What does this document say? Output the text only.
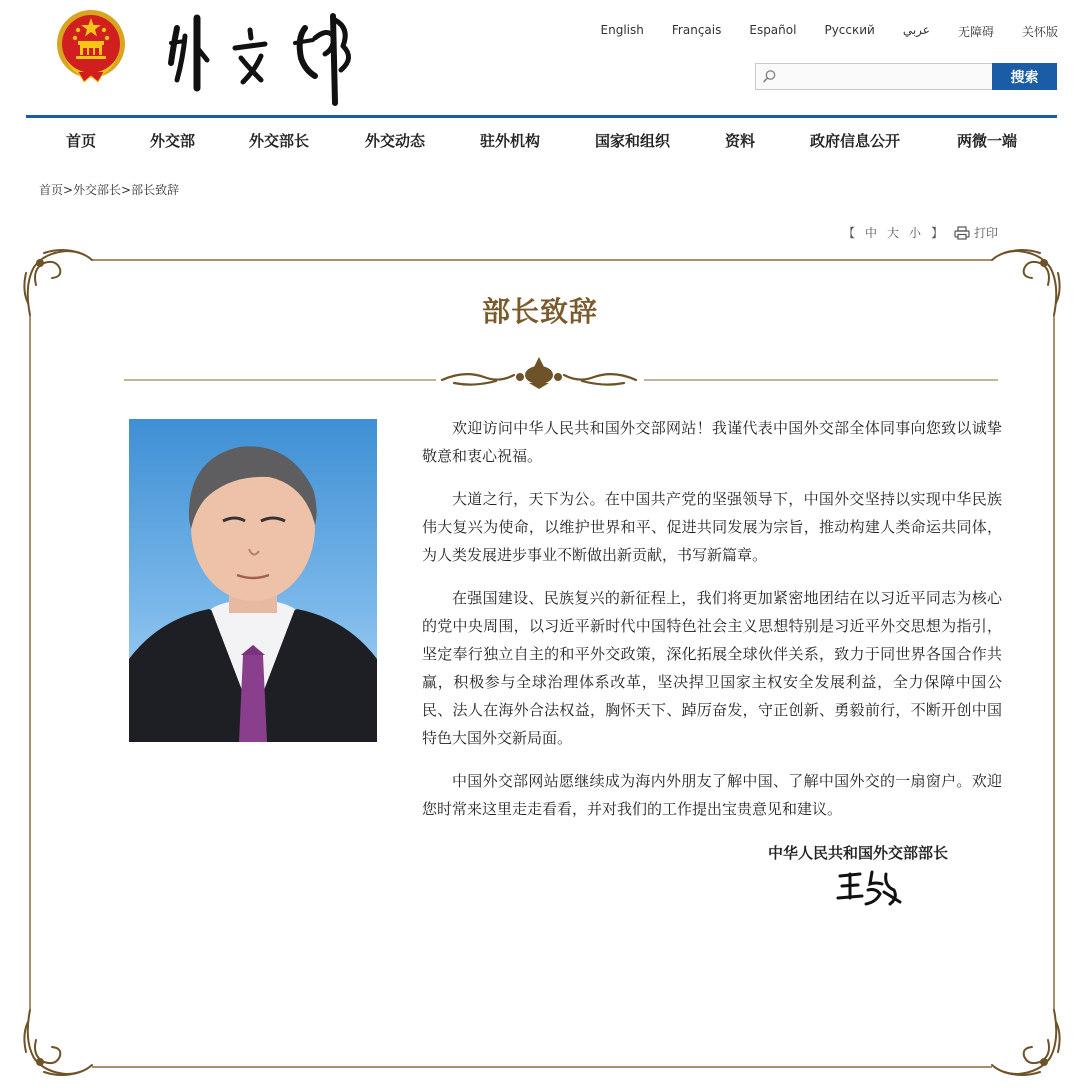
English Français Español Русский عربي 无障碍 关怀版
搜索
首页	外交部	外交部长	外交动态	驻外机构	国家和组织	资料	政府信息公开	两微一端
首页>外交部长>部长致辞
【 中 大 小 】	打印
部长致辞

欢迎访问中华人民共和国外交部网站！我谨代表中国外交部全体同事向您致以诚挚敬意和衷心祝福。

大道之行，天下为公。在中国共产党的坚强领导下，中国外交坚持以实现中华民族伟大复兴为使命，以维护世界和平、促进共同发展为宗旨，推动构建人类命运共同体，为人类发展进步事业不断做出新贡献，书写新篇章。

在强国建设、民族复兴的新征程上，我们将更加紧密地团结在以习近平同志为核心的党中央周围，以习近平新时代中国特色社会主义思想特别是习近平外交思想为指引，坚定奉行独立自主的和平外交政策，深化拓展全球伙伴关系，致力于同世界各国合作共赢，积极参与全球治理体系改革，坚决捍卫国家主权安全发展利益，全力保障中国公民、法人在海外合法权益，胸怀天下、踔厉奋发，守正创新、勇毅前行，不断开创中国特色大国外交新局面。

中国外交部网站愿继续成为海内外朋友了解中国、了解中国外交的一扇窗户。欢迎您时常来这里走走看看，并对我们的工作提出宝贵意见和建议。

中华人民共和国外交部部长
